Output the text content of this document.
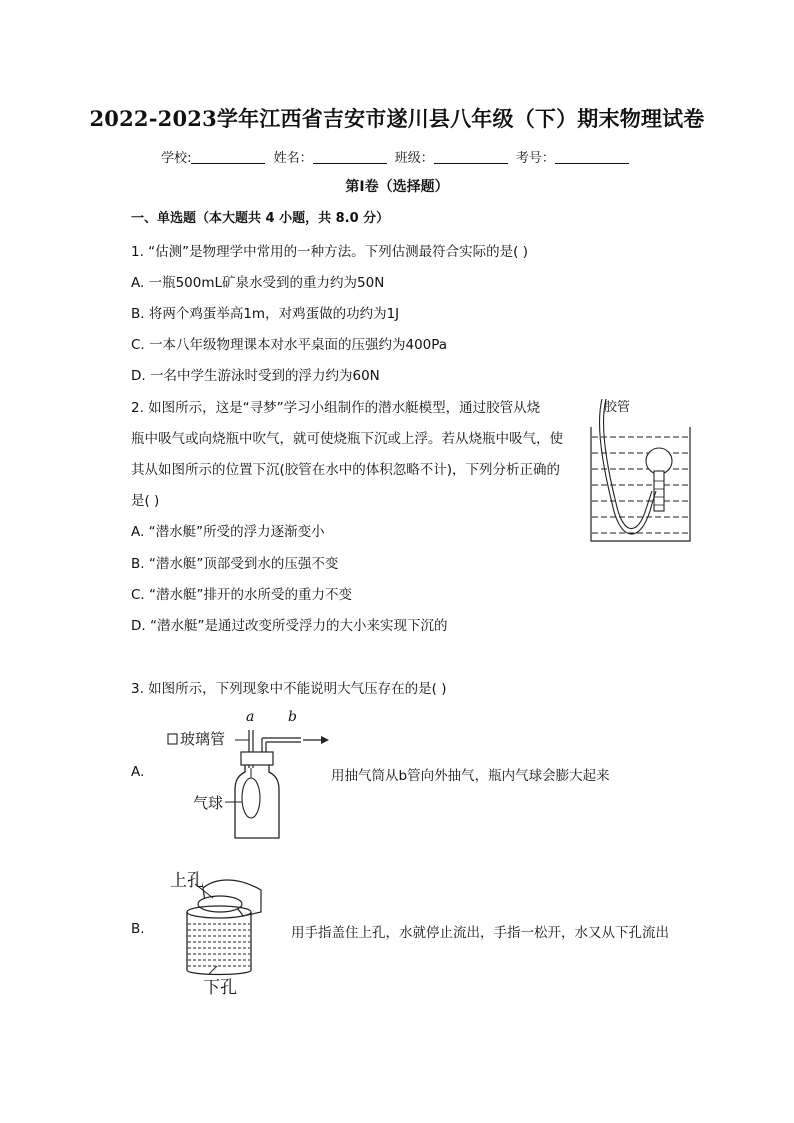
2022-2023学年江西省吉安市遂川县八年级（下）期末物理试卷
学校:	姓名：	班级：	考号：
第Ⅰ卷（选择题）
一、单选题（本大题共 4 小题，共 8.0 分）
1. “估测”是物理学中常用的一种方法。下列估测最符合实际的是( )
A. 一瓶500mL矿泉水受到的重力约为50N
B. 将两个鸡蛋举高1m，对鸡蛋做的功约为1J
C. 一本八年级物理课本对水平桌面的压强约为400Pa
D. 一名中学生游泳时受到的浮力约为60N
2. 如图所示，这是“寻梦”学习小组制作的潜水艇模型，通过胶管从烧
瓶中吸气或向烧瓶中吹气，就可使烧瓶下沉或上浮。若从烧瓶中吸气，使
其从如图所示的位置下沉(胶管在水中的体积忽略不计)，下列分析正确的
是( )
A. “潜水艇”所受的浮力逐渐变小
B. “潜水艇”顶部受到水的压强不变
C. “潜水艇”排开的水所受的重力不变
D. “潜水艇”是通过改变所受浮力的大小来实现下沉的
胶管
3. 如图所示，下列现象中不能说明大气压存在的是( )
A.
玻璃管
a b
气球
用抽气筒从b管向外抽气，瓶内气球会膨大起来
B.
上孔
下孔
用手指盖住上孔，水就停止流出，手指一松开，水又从下孔流出
